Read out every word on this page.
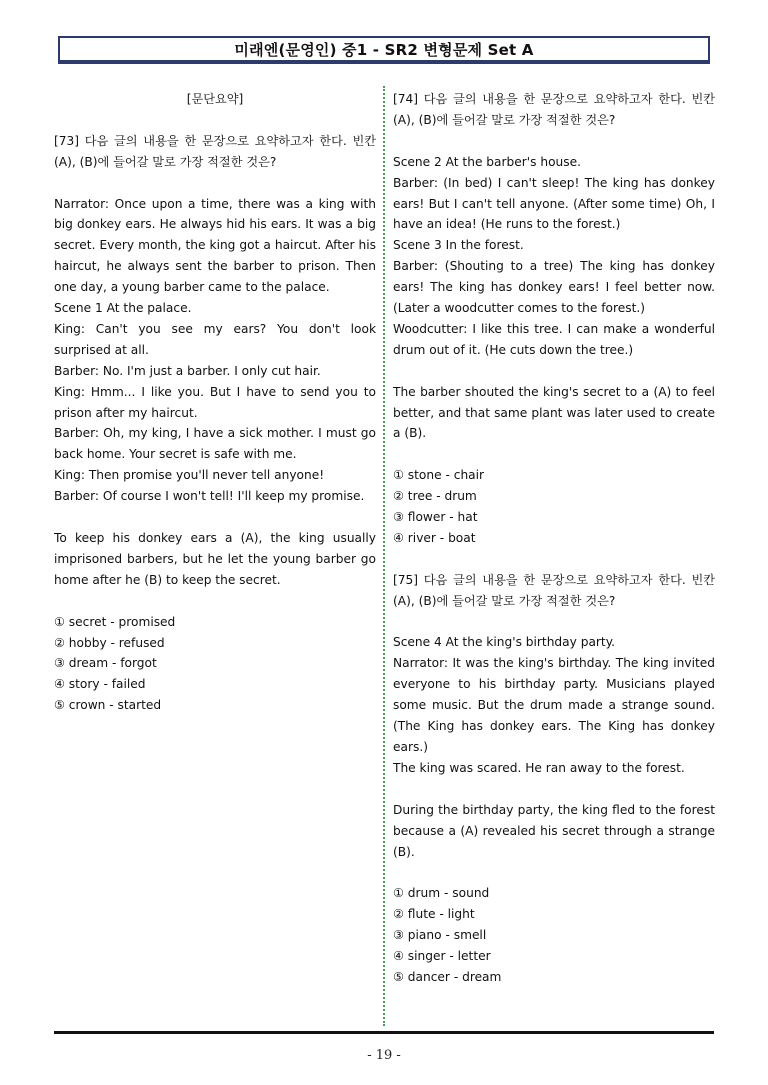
미래엔(문영인) 중1 - SR2 변형문제 Set A

[문단요약]

[73] 다음 글의 내용을 한 문장으로 요약하고자 한다. 빈칸 (A), (B)에 들어갈 말로 가장 적절한 것은?

Narrator: Once upon a time, there was a king with big donkey ears. He always hid his ears. It was a big secret. Every month, the king got a haircut. After his haircut, he always sent the barber to prison. Then one day, a young barber came to the palace.

Scene 1 At the palace.

King: Can't you see my ears? You don't look surprised at all.

Barber: No. I'm just a barber. I only cut hair.

King: Hmm... I like you. But I have to send you to prison after my haircut.

Barber: Oh, my king, I have a sick mother. I must go back home. Your secret is safe with me.

King: Then promise you'll never tell anyone!

Barber: Of course I won't tell! I'll keep my promise.

To keep his donkey ears a (A), the king usually imprisoned barbers, but he let the young barber go home after he (B) to keep the secret.

① secret - promised

② hobby - refused

③ dream - forgot

④ story - failed

⑤ crown - started

[74] 다음 글의 내용을 한 문장으로 요약하고자 한다. 빈칸 (A), (B)에 들어갈 말로 가장 적절한 것은?

Scene 2 At the barber's house.

Barber: (In bed) I can't sleep! The king has donkey ears! But I can't tell anyone. (After some time) Oh, I have an idea! (He runs to the forest.)

Scene 3 In the forest.

Barber: (Shouting to a tree) The king has donkey ears! The king has donkey ears! I feel better now. (Later a woodcutter comes to the forest.)

Woodcutter: I like this tree. I can make a wonderful drum out of it. (He cuts down the tree.)

The barber shouted the king's secret to a (A) to feel better, and that same plant was later used to create a (B).

① stone - chair

② tree - drum

③ flower - hat

④ river - boat

[75] 다음 글의 내용을 한 문장으로 요약하고자 한다. 빈칸 (A), (B)에 들어갈 말로 가장 적절한 것은?

Scene 4 At the king's birthday party.

Narrator: It was the king's birthday. The king invited everyone to his birthday party. Musicians played some music. But the drum made a strange sound. (The King has donkey ears. The King has donkey ears.)

The king was scared. He ran away to the forest.

During the birthday party, the king fled to the forest because a (A) revealed his secret through a strange (B).

① drum - sound

② flute - light

③ piano - smell

④ singer - letter

⑤ dancer - dream

- 19 -
